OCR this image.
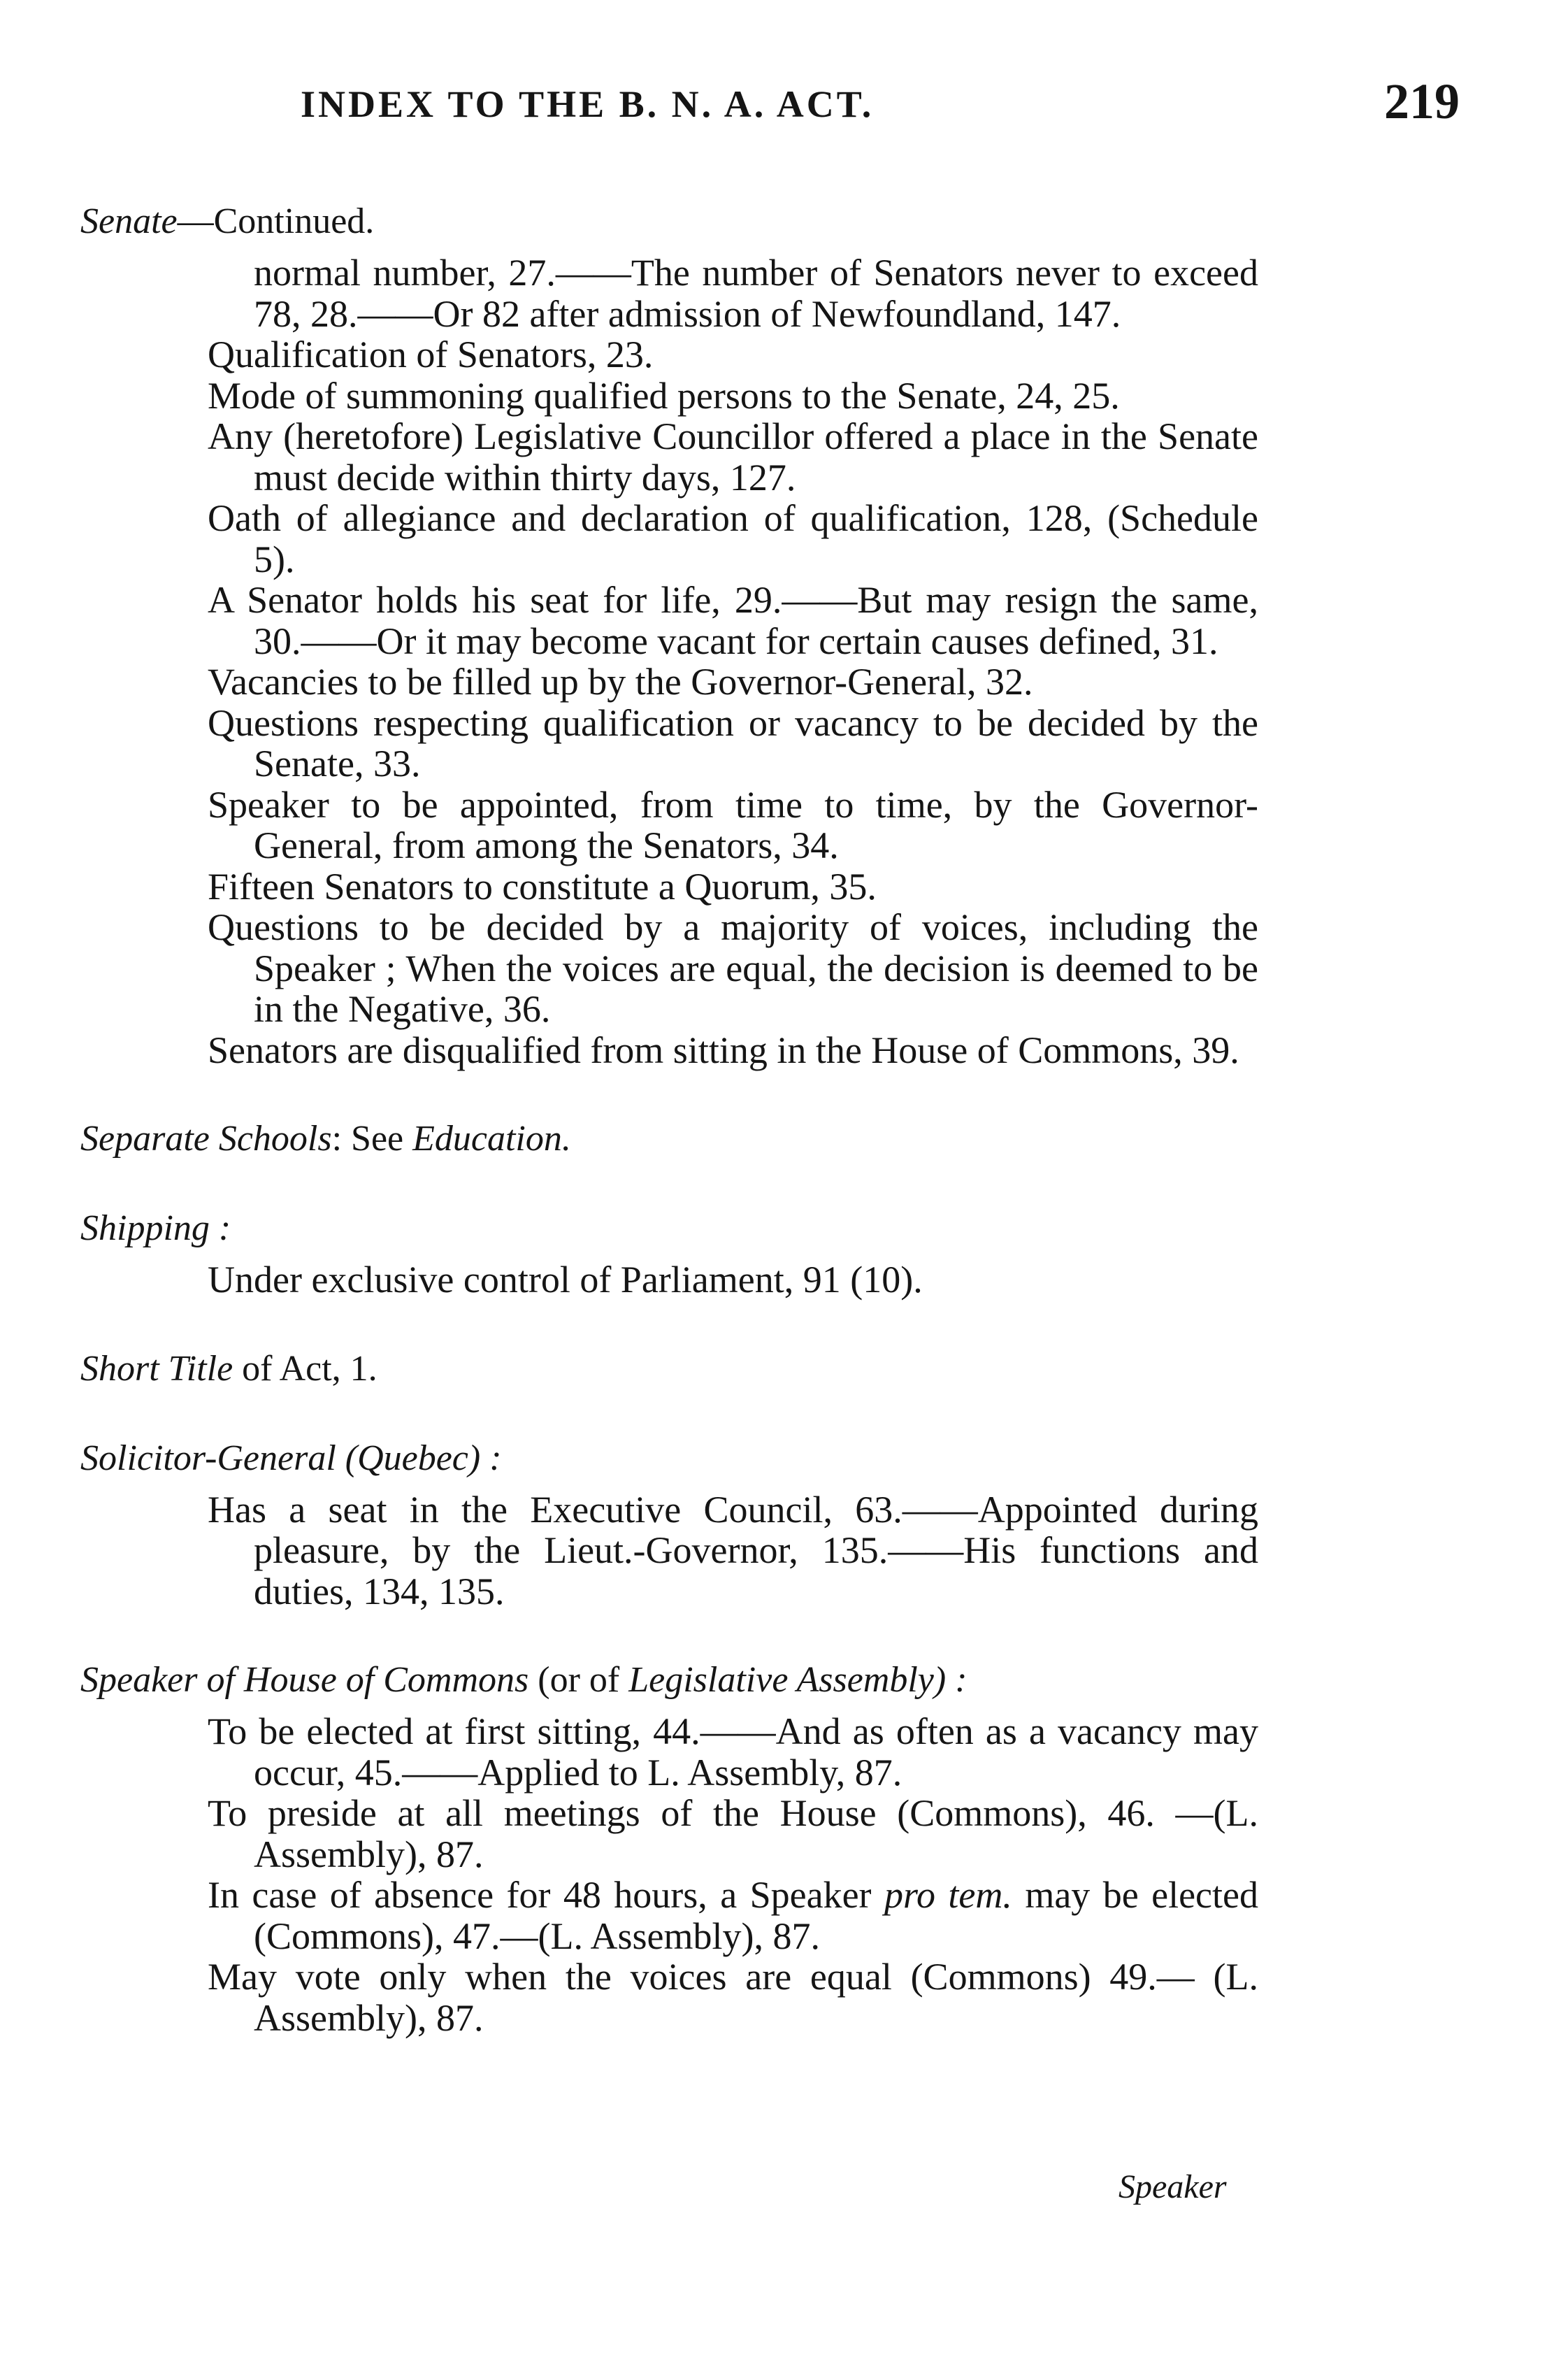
INDEX TO THE B. N. A. ACT.	219
Senate—Continued.
normal number, 27.——The number of Senators never to exceed 78, 28.——Or 82 after admission of Newfoundland, 147.
Qualification of Senators, 23.
Mode of summoning qualified persons to the Senate, 24, 25.
Any (heretofore) Legislative Councillor offered a place in the Senate must decide within thirty days, 127.
Oath of allegiance and declaration of qualification, 128, (Schedule 5).
A Senator holds his seat for life, 29.——But may resign the same, 30.——Or it may become vacant for certain causes defined, 31.
Vacancies to be filled up by the Governor-General, 32.
Questions respecting qualification or vacancy to be decided by the Senate, 33.
Speaker to be appointed, from time to time, by the Governor-General, from among the Senators, 34.
Fifteen Senators to constitute a Quorum, 35.
Questions to be decided by a majority of voices, including the Speaker ; When the voices are equal, the decision is deemed to be in the Negative, 36.
Senators are disqualified from sitting in the House of Commons, 39.
Separate Schools: See Education.
Shipping :
Under exclusive control of Parliament, 91 (10).
Short Title of Act, 1.
Solicitor-General (Quebec) :
Has a seat in the Executive Council, 63.——Appointed during pleasure, by the Lieut.-Governor, 135.——His functions and duties, 134, 135.
Speaker of House of Commons (or of Legislative Assembly) :
To be elected at first sitting, 44.——And as often as a vacancy may occur, 45.——Applied to L. Assembly, 87.
To preside at all meetings of the House (Commons), 46. —(L. Assembly), 87.
In case of absence for 48 hours, a Speaker pro tem. may be elected (Commons), 47.—(L. Assembly), 87.
May vote only when the voices are equal (Commons) 49.— (L. Assembly), 87.
Speaker
